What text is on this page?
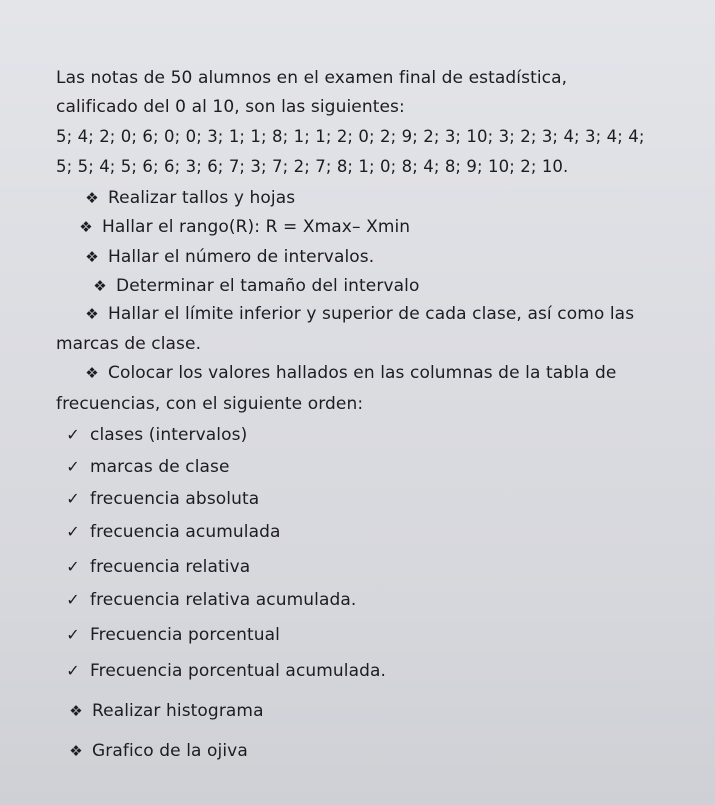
Las notas de 50 alumnos en el examen final de estadística,
calificado del 0 al 10, son las siguientes:
5; 4; 2; 0; 6; 0; 0; 3; 1; 1; 8; 1; 1; 2; 0; 2; 9; 2; 3; 10; 3; 2; 3; 4; 3; 4; 4;
5; 5; 4; 5; 6; 6; 3; 6; 7; 3; 7; 2; 7; 8; 1; 0; 8; 4; 8; 9; 10; 2; 10.
❖ Realizar tallos y hojas
❖ Hallar el rango(R): R = Xmax– Xmin
❖ Hallar el número de intervalos.
❖ Determinar el tamaño del intervalo
❖ Hallar el límite inferior y superior de cada clase, así como las
marcas de clase.
❖ Colocar los valores hallados en las columnas de la tabla de
frecuencias, con el siguiente orden:
✓ clases (intervalos)
✓ marcas de clase
✓ frecuencia absoluta
✓ frecuencia acumulada
✓ frecuencia relativa
✓ frecuencia relativa acumulada.
✓ Frecuencia porcentual
✓ Frecuencia porcentual acumulada.
❖ Realizar histograma
❖ Grafico de la ojiva
